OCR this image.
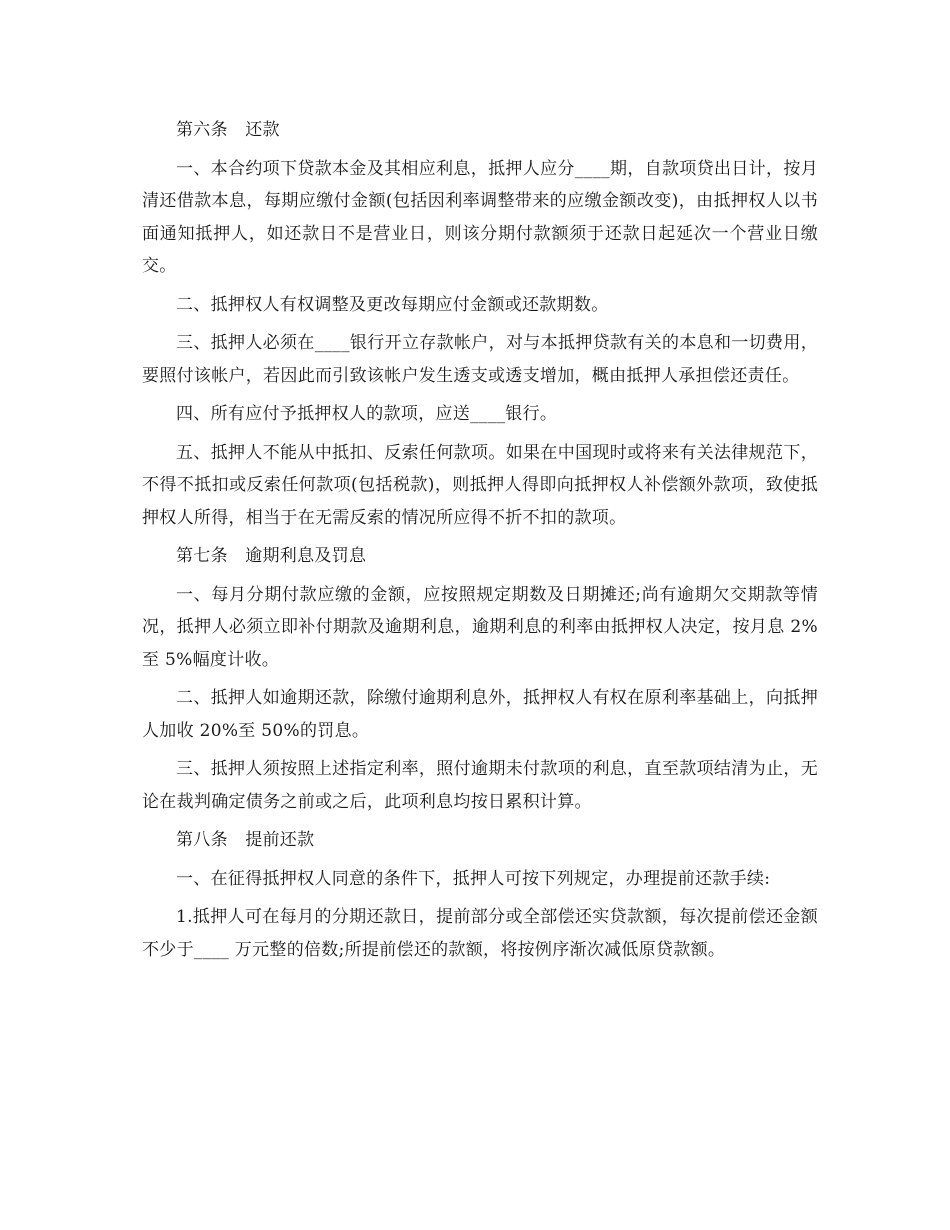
第六条　还款

一、本合约项下贷款本金及其相应利息，抵押人应分____期，自款项贷出日计，按月清还借款本息，每期应缴付金额(包括因利率调整带来的应缴金额改变)，由抵押权人以书面通知抵押人，如还款日不是营业日，则该分期付款额须于还款日起延次一个营业日缴交。

二、抵押权人有权调整及更改每期应付金额或还款期数。

三、抵押人必须在____银行开立存款帐户，对与本抵押贷款有关的本息和一切费用，要照付该帐户，若因此而引致该帐户发生透支或透支增加，概由抵押人承担偿还责任。

四、所有应付予抵押权人的款项，应送____银行。

五、抵押人不能从中抵扣、反索任何款项。如果在中国现时或将来有关法律规范下，不得不抵扣或反索任何款项(包括税款)，则抵押人得即向抵押权人补偿额外款项，致使抵押权人所得，相当于在无需反索的情况所应得不折不扣的款项。

第七条　逾期利息及罚息

一、每月分期付款应缴的金额，应按照规定期数及日期摊还;尚有逾期欠交期款等情况，抵押人必须立即补付期款及逾期利息，逾期利息的利率由抵押权人决定，按月息 2%至 5%幅度计收。

二、抵押人如逾期还款，除缴付逾期利息外，抵押权人有权在原利率基础上，向抵押人加收 20%至 50%的罚息。

三、抵押人须按照上述指定利率，照付逾期未付款项的利息，直至款项结清为止，无论在裁判确定债务之前或之后，此项利息均按日累积计算。

第八条　提前还款

一、在征得抵押权人同意的条件下，抵押人可按下列规定，办理提前还款手续:

1.抵押人可在每月的分期还款日，提前部分或全部偿还实贷款额，每次提前偿还金额不少于____ 万元整的倍数;所提前偿还的款额，将按例序渐次减低原贷款额。
